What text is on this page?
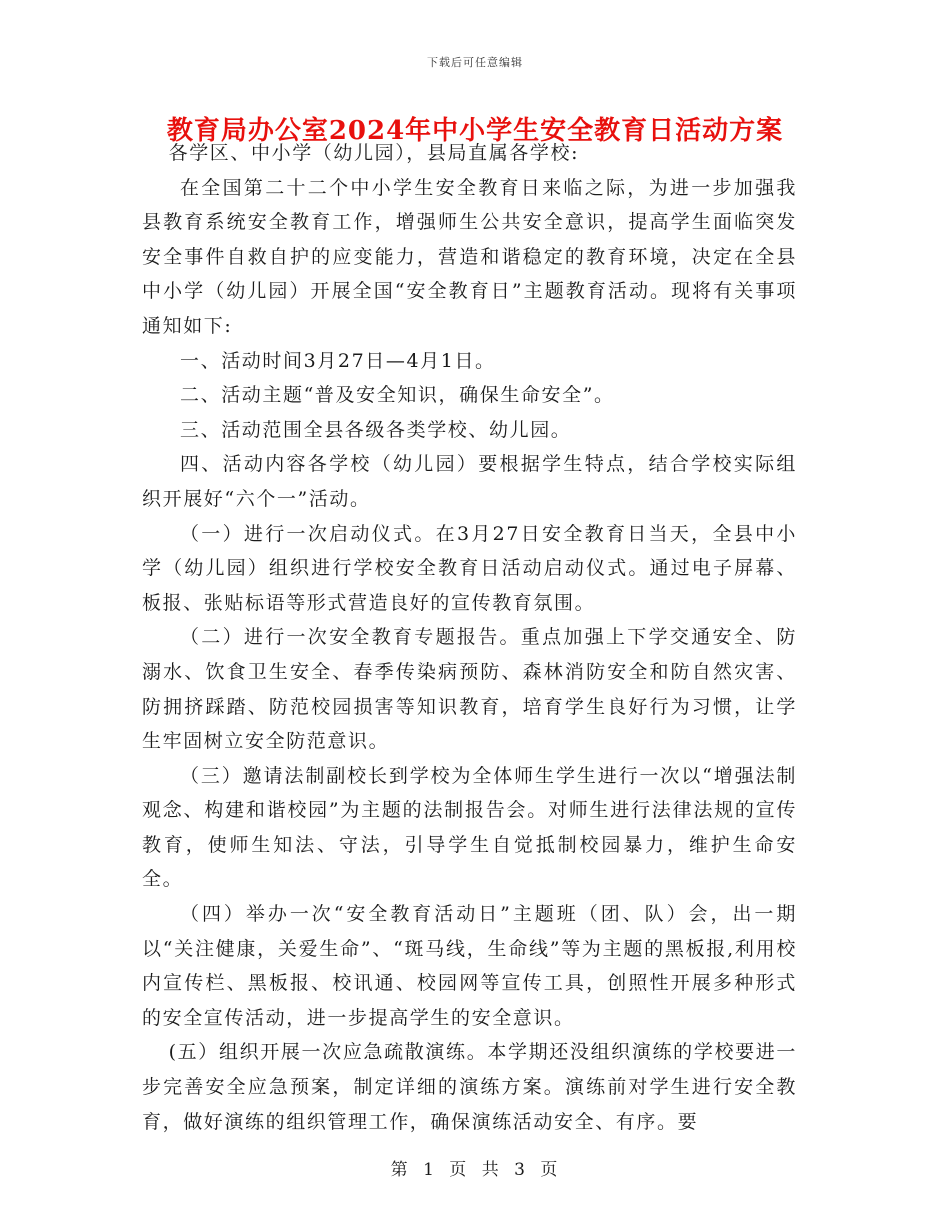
下载后可任意编辑
教育局办公室2024年中小学生安全教育日活动方案

各学区、中小学（幼儿园），县局直属各学校:

在全国第二十二个中小学生安全教育日来临之际，为进一步加强我县教育系统安全教育工作，增强师生公共安全意识，提高学生面临突发安全事件自救自护的应变能力，营造和谐稳定的教育环境，决定在全县中小学（幼儿园）开展全国“安全教育日”主题教育活动。现将有关事项通知如下:

一、活动时间3月27日—4月1日。

二、活动主题“普及安全知识，确保生命安全”。

三、活动范围全县各级各类学校、幼儿园。

四、活动内容各学校（幼儿园）要根据学生特点，结合学校实际组织开展好“六个一”活动。

（一）进行一次启动仪式。在3月27日安全教育日当天，全县中小学（幼儿园）组织进行学校安全教育日活动启动仪式。通过电子屏幕、板报、张贴标语等形式营造良好的宣传教育氛围。

（二）进行一次安全教育专题报告。重点加强上下学交通安全、防溺水、饮食卫生安全、春季传染病预防、森林消防安全和防自然灾害、防拥挤踩踏、防范校园损害等知识教育，培育学生良好行为习惯，让学生牢固树立安全防范意识。

（三）邀请法制副校长到学校为全体师生学生进行一次以“增强法制观念、构建和谐校园”为主题的法制报告会。对师生进行法律法规的宣传教育，使师生知法、守法，引导学生自觉抵制校园暴力，维护生命安全。

（四）举办一次“安全教育活动日”主题班（团、队）会，出一期以“关注健康，关爱生命”、“斑马线，生命线”等为主题的黑板报,利用校内宣传栏、黑板报、校讯通、校园网等宣传工具，创照性开展多种形式的安全宣传活动，进一步提高学生的安全意识。

(五）组织开展一次应急疏散演练。本学期还没组织演练的学校要进一步完善安全应急预案，制定详细的演练方案。演练前对学生进行安全教育，做好演练的组织管理工作，确保演练活动安全、有序。要

第 1 页 共 3 页
